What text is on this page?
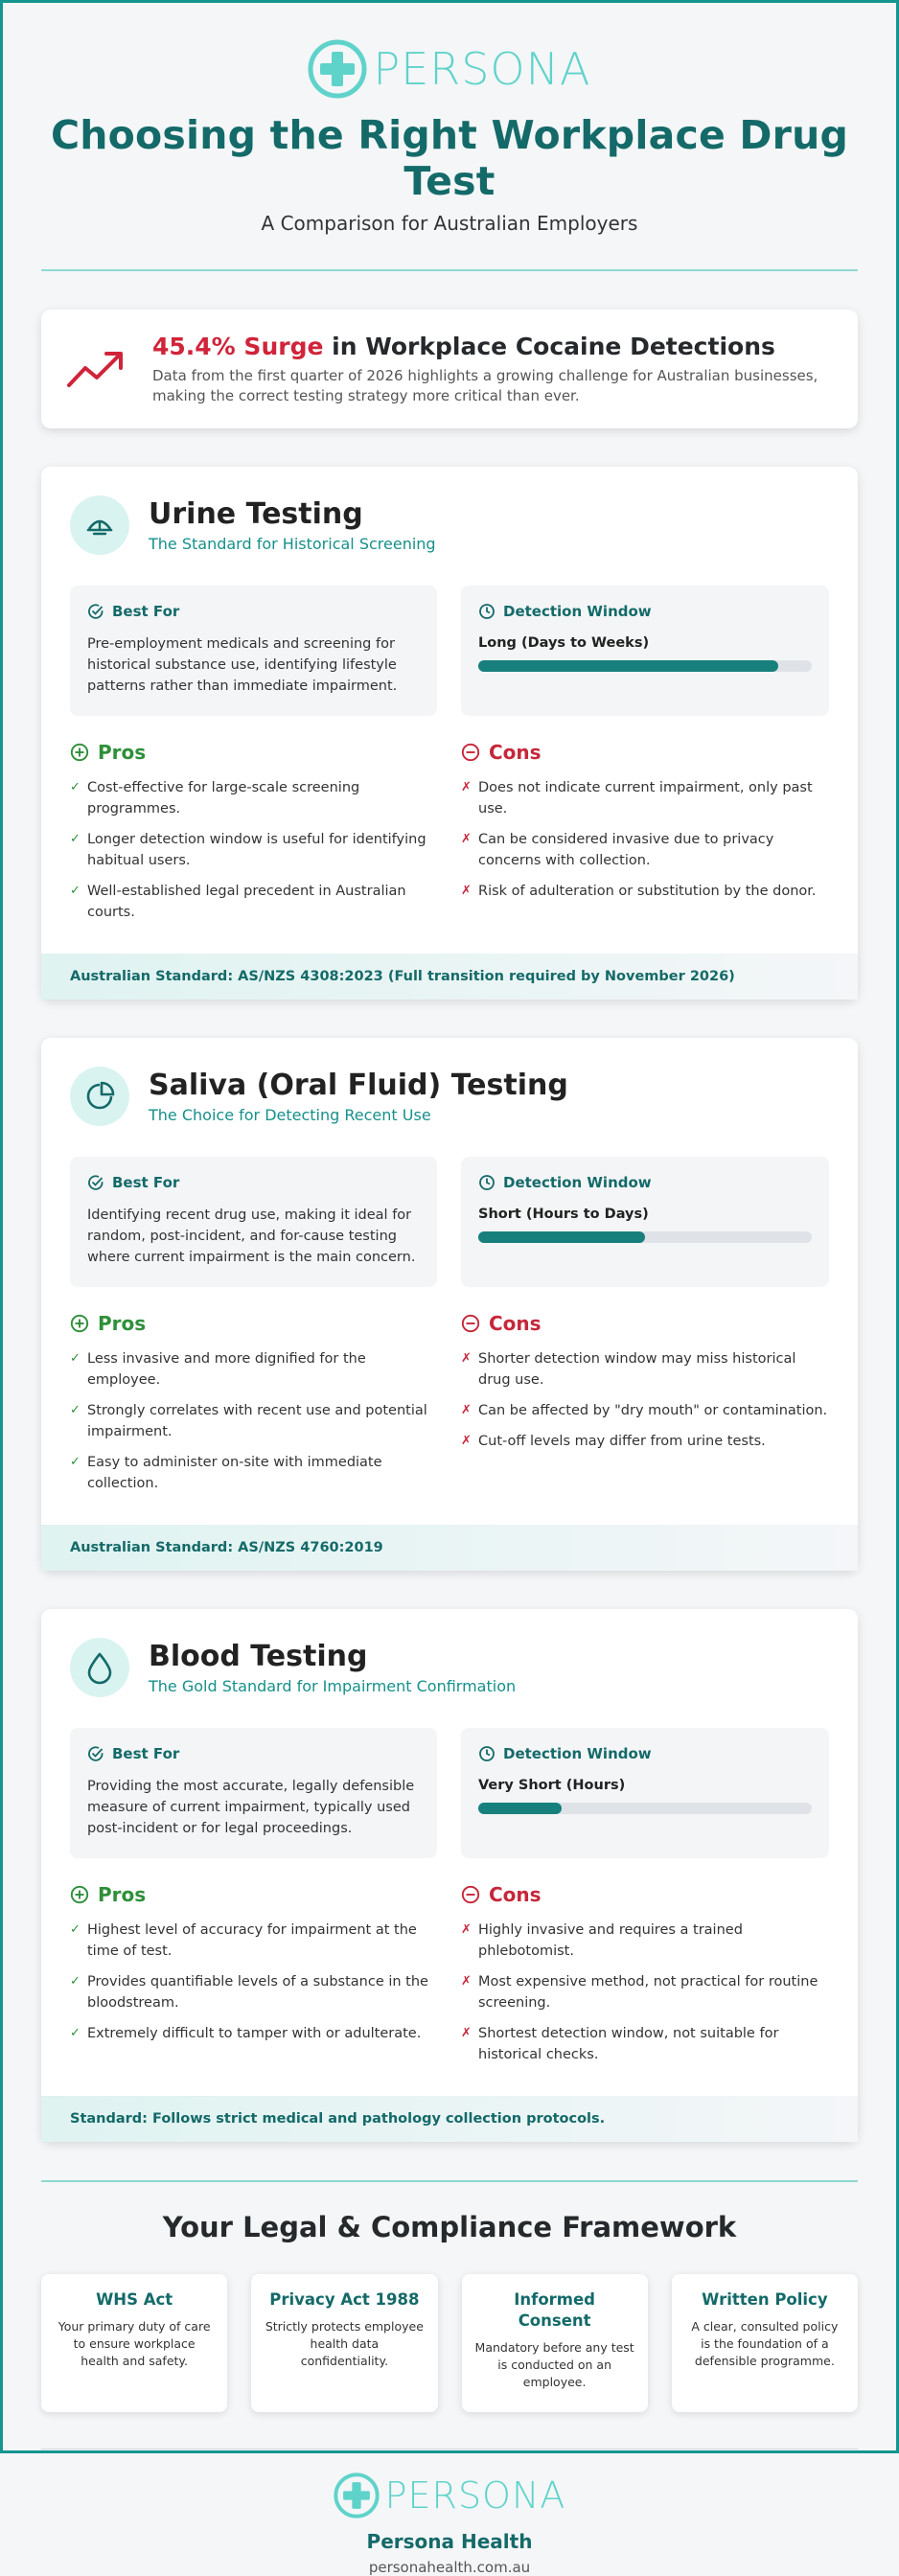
PERSONA
Choosing the Right Workplace Drug Test
A Comparison for Australian Employers
45.4% Surge in Workplace Cocaine Detections
Data from the first quarter of 2026 highlights a growing challenge for Australian businesses, making the correct testing strategy more critical than ever.
Urine Testing
The Standard for Historical Screening
Best For
Pre-employment medicals and screening for historical substance use, identifying lifestyle patterns rather than immediate impairment.
Detection Window
Long (Days to Weeks)
Pros
✓ Cost-effective for large-scale screening programmes.
✓ Longer detection window is useful for identifying habitual users.
✓ Well-established legal precedent in Australian courts.
Cons
✗ Does not indicate current impairment, only past use.
✗ Can be considered invasive due to privacy concerns with collection.
✗ Risk of adulteration or substitution by the donor.
Australian Standard: AS/NZS 4308:2023 (Full transition required by November 2026)
Saliva (Oral Fluid) Testing
The Choice for Detecting Recent Use
Best For
Identifying recent drug use, making it ideal for random, post-incident, and for-cause testing where current impairment is the main concern.
Detection Window
Short (Hours to Days)
Pros
✓ Less invasive and more dignified for the employee.
✓ Strongly correlates with recent use and potential impairment.
✓ Easy to administer on-site with immediate collection.
Cons
✗ Shorter detection window may miss historical drug use.
✗ Can be affected by "dry mouth" or contamination.
✗ Cut-off levels may differ from urine tests.
Australian Standard: AS/NZS 4760:2019
Blood Testing
The Gold Standard for Impairment Confirmation
Best For
Providing the most accurate, legally defensible measure of current impairment, typically used post-incident or for legal proceedings.
Detection Window
Very Short (Hours)
Pros
✓ Highest level of accuracy for impairment at the time of test.
✓ Provides quantifiable levels of a substance in the bloodstream.
✓ Extremely difficult to tamper with or adulterate.
Cons
✗ Highly invasive and requires a trained phlebotomist.
✗ Most expensive method, not practical for routine screening.
✗ Shortest detection window, not suitable for historical checks.
Standard: Follows strict medical and pathology collection protocols.
Your Legal & Compliance Framework
WHS Act
Your primary duty of care to ensure workplace health and safety.
Privacy Act 1988
Strictly protects employee health data confidentiality.
Informed Consent
Mandatory before any test is conducted on an employee.
Written Policy
A clear, consulted policy is the foundation of a defensible programme.
PERSONA
Persona Health
personahealth.com.au
